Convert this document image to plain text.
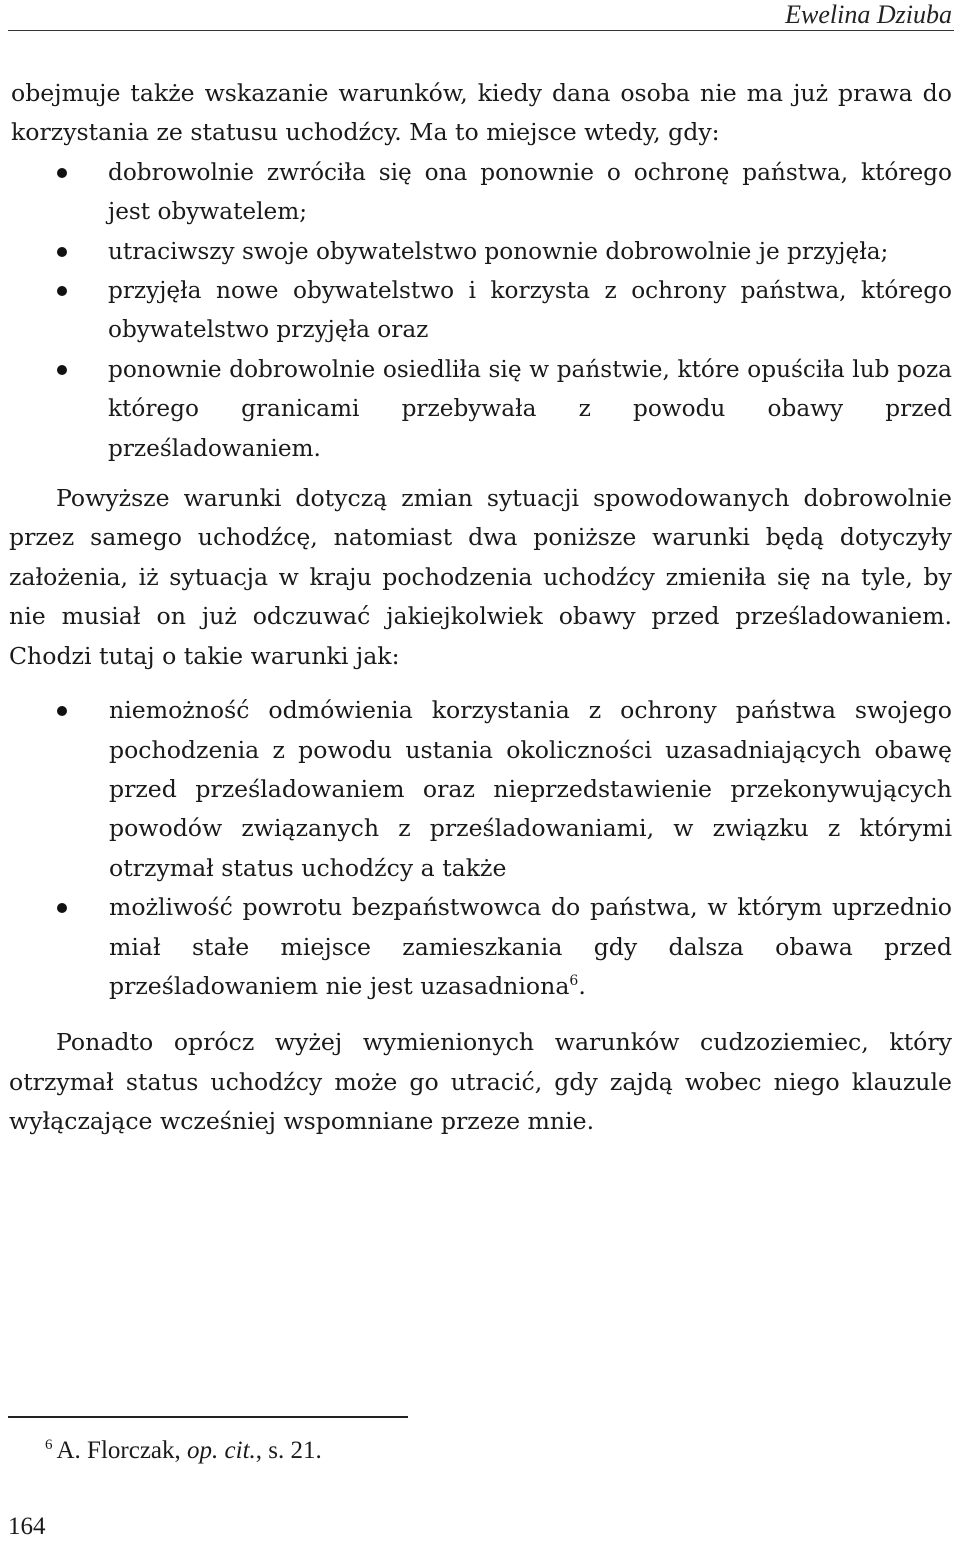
Ewelina Dziuba

obejmuje także wskazanie warunków, kiedy dana osoba nie ma już prawa do korzystania ze statusu uchodźcy. Ma to miejsce wtedy, gdy:

dobrowolnie zwróciła się ona ponownie o ochronę państwa, którego jest obywatelem;
utraciwszy swoje obywatelstwo ponownie dobrowolnie je przyjęła;
przyjęła nowe obywatelstwo i korzysta z ochrony państwa, którego obywatelstwo przyjęła oraz
ponownie dobrowolnie osiedliła się w państwie, które opuściła lub poza którego granicami przebywała z powodu obawy przed prześladowaniem.

Powyższe warunki dotyczą zmian sytuacji spowodowanych dobrowolnie przez samego uchodźcę, natomiast dwa poniższe warunki będą dotyczyły założenia, iż sytuacja w kraju pochodzenia uchodźcy zmieniła się na tyle, by nie musiał on już odczuwać jakiejkolwiek obawy przed prześladowaniem. Chodzi tutaj o takie warunki jak:

niemożność odmówienia korzystania z ochrony państwa swojego pochodzenia z powodu ustania okoliczności uzasadniających obawę przed prześladowaniem oraz nieprzedstawienie przekonywujących powodów związanych z prześladowaniami, w związku z którymi otrzymał status uchodźcy a także
możliwość powrotu bezpaństwowca do państwa, w którym uprzednio miał stałe miejsce zamieszkania gdy dalsza obawa przed prześladowaniem nie jest uzasadniona$^6$.

Ponadto oprócz wyżej wymienionych warunków cudzoziemiec, który otrzymał status uchodźcy może go utracić, gdy zajdą wobec niego klauzule wyłączające wcześniej wspomniane przeze mnie.

$^6$ A. Florczak, op. cit., s. 21.
164
